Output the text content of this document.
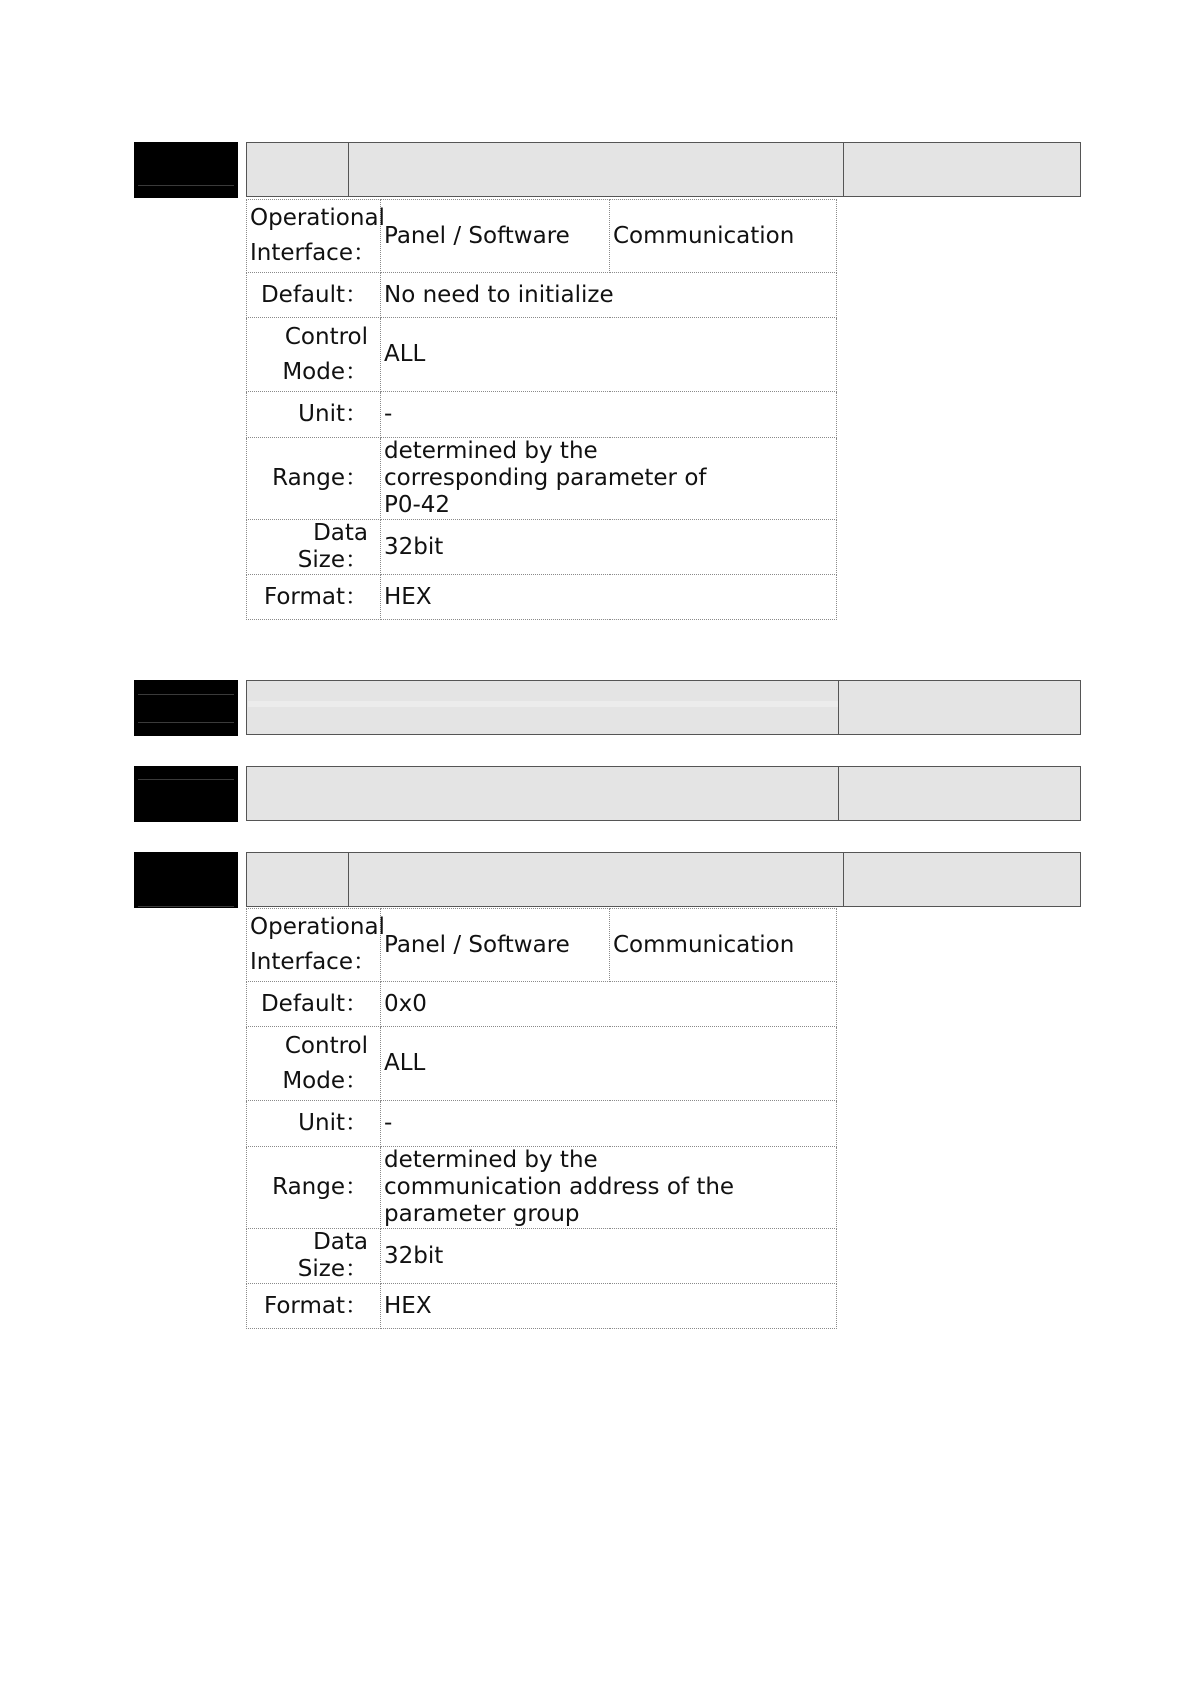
Operational
Interface：	Panel / Software	Communication
Default：	No need to initialize	

Control
Mode：	ALL	
Unit：	-	
Range：	determined by the corresponding parameter of P0-42	
Data Size：	32bit	
Format：	HEX	
Operational
Interface：	Panel / Software	Communication
Default：	0x0	

Control
Mode：	ALL	
Unit：	-	
Range：	determined by the communication address of the parameter group	
Data Size：	32bit	
Format：	HEX	
